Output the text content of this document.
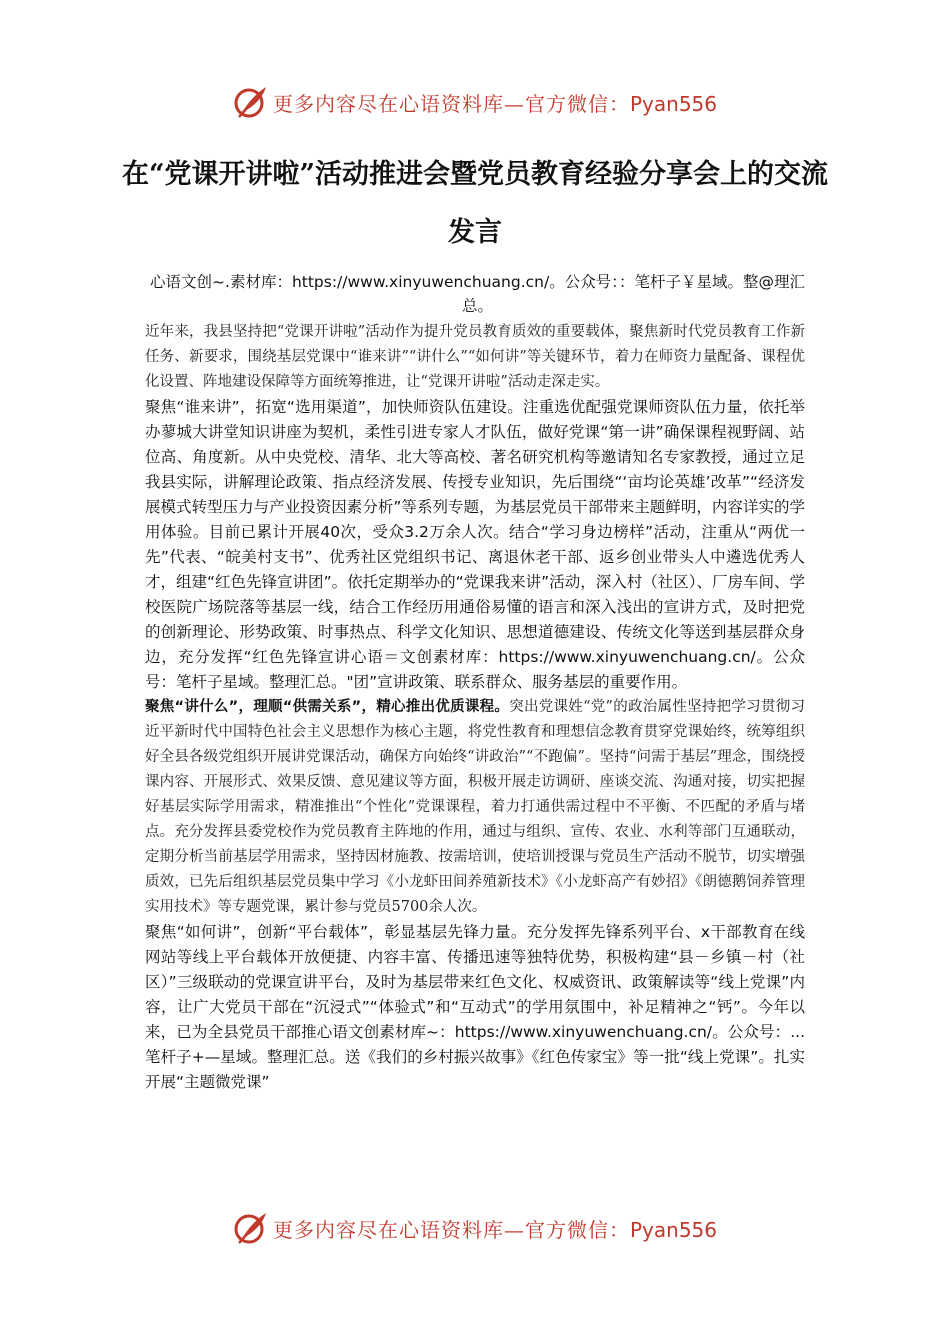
更多内容尽在心语资料库—官方微信：Pyan556
在“党课开讲啦”活动推进会暨党员教育经验分享会上的交流发言
心语文创~.素材库：https://www.xinyuwenchuang.cn/。公众号：：笔杆子￥星域。整@理汇总。

近年来，我县坚持把“党课开讲啦”活动作为提升党员教育质效的重要载体，聚焦新时代党员教育工作新任务、新要求，围绕基层党课中“谁来讲”“讲什么”“如何讲”等关键环节，着力在师资力量配备、课程优化设置、阵地建设保障等方面统筹推进，让“党课开讲啦”活动走深走实。

聚焦“谁来讲”，拓宽“选用渠道”，加快师资队伍建设。注重选优配强党课师资队伍力量，依托举办蓼城大讲堂知识讲座为契机，柔性引进专家人才队伍，做好党课“第一讲”确保课程视野阔、站位高、角度新。从中央党校、清华、北大等高校、著名研究机构等邀请知名专家教授，通过立足我县实际，讲解理论政策、指点经济发展、传授专业知识，先后围绕“‘亩均论英雄’改革”“经济发展模式转型压力与产业投资因素分析”等系列专题，为基层党员干部带来主题鲜明，内容详实的学用体验。目前已累计开展40次，受众3.2万余人次。结合“学习身边榜样”活动，注重从“两优一先”代表、“皖美村支书”、优秀社区党组织书记、离退休老干部、返乡创业带头人中遴选优秀人才，组建“红色先锋宣讲团”。依托定期举办的“党课我来讲”活动，深入村（社区）、厂房车间、学校医院广场院落等基层一线，结合工作经历用通俗易懂的语言和深入浅出的宣讲方式，及时把党的创新理论、形势政策、时事热点、科学文化知识、思想道德建设、传统文化等送到基层群众身边，充分发挥“红色先锋宣讲心语＝文创素材库：https://www.xinyuwenchuang.cn/。公众号：笔杆子星域。整理汇总。"团”宣讲政策、联系群众、服务基层的重要作用。

聚焦“讲什么”，理顺“供需关系”，精心推出优质课程。突出党课姓“党”的政治属性坚持把学习贯彻习近平新时代中国特色社会主义思想作为核心主题，将党性教育和理想信念教育贯穿党课始终，统筹组织好全县各级党组织开展讲党课活动，确保方向始终“讲政治”“不跑偏”。坚持“问需于基层”理念，围绕授课内容、开展形式、效果反馈、意见建议等方面，积极开展走访调研、座谈交流、沟通对接，切实把握好基层实际学用需求，精准推出“个性化”党课课程，着力打通供需过程中不平衡、不匹配的矛盾与堵点。充分发挥县委党校作为党员教育主阵地的作用，通过与组织、宣传、农业、水利等部门互通联动，定期分析当前基层学用需求，坚持因材施教、按需培训，使培训授课与党员生产活动不脱节，切实增强质效，已先后组织基层党员集中学习《小龙虾田间养殖新技术》《小龙虾高产有妙招》《朗德鹅饲养管理实用技术》等专题党课，累计参与党员5700余人次。

聚焦“如何讲”，创新“平台载体”，彰显基层先锋力量。充分发挥先锋系列平台、x干部教育在线网站等线上平台载体开放便捷、内容丰富、传播迅速等独特优势，积极构建“县－乡镇－村（社区）”三级联动的党课宣讲平台，及时为基层带来红色文化、权威资讯、政策解读等“线上党课”内容，让广大党员干部在“沉浸式”“体验式”和“互动式”的学用氛围中，补足精神之“钙”。今年以来，已为全县党员干部推心语文创素材库~：https://www.xinyuwenchuang.cn/。公众号：...笔杆子+—星域。整理汇总。送《我们的乡村振兴故事》《红色传家宝》等一批“线上党课”。扎实开展“主题微党课”

更多内容尽在心语资料库—官方微信：Pyan556
